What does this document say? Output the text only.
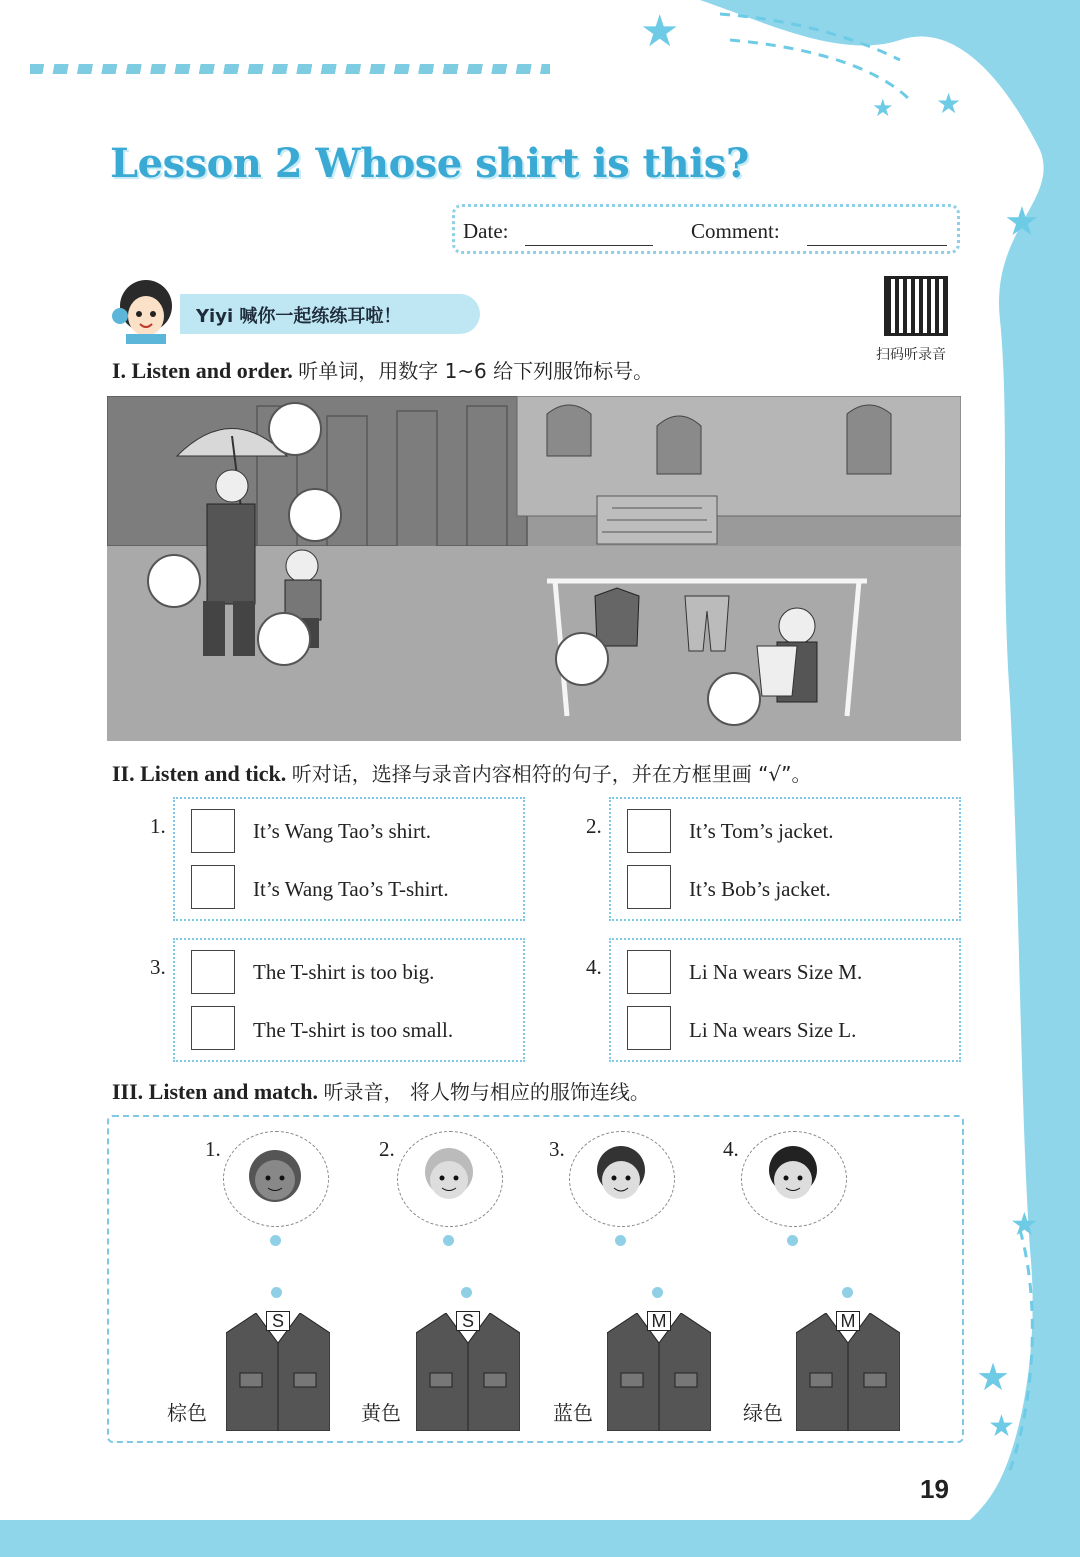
★
★ ★
★
★
★
★
Lesson 2 Whose shirt is this?
Date:	Comment:
Yiyi 喊你一起练练耳啦！
扫码听录音
I. Listen and order. 听单词，用数字 1~6 给下列服饰标号。
II. Listen and tick. 听对话，选择与录音内容相符的句子，并在方框里画 “√”。
1.	It’s Wang Tao’s shirt.
It’s Wang Tao’s T-shirt.
2.	It’s Tom’s jacket.
It’s Bob’s jacket.
3.	The T-shirt is too big.
The T-shirt is too small.
4.	Li Na wears Size M.
Li Na wears Size L.
III. Listen and match. 听录音， 将人物与相应的服饰连线。
1.	2.	3.	4.
S
棕色
S
黄色
M
蓝色
M
绿色
19
